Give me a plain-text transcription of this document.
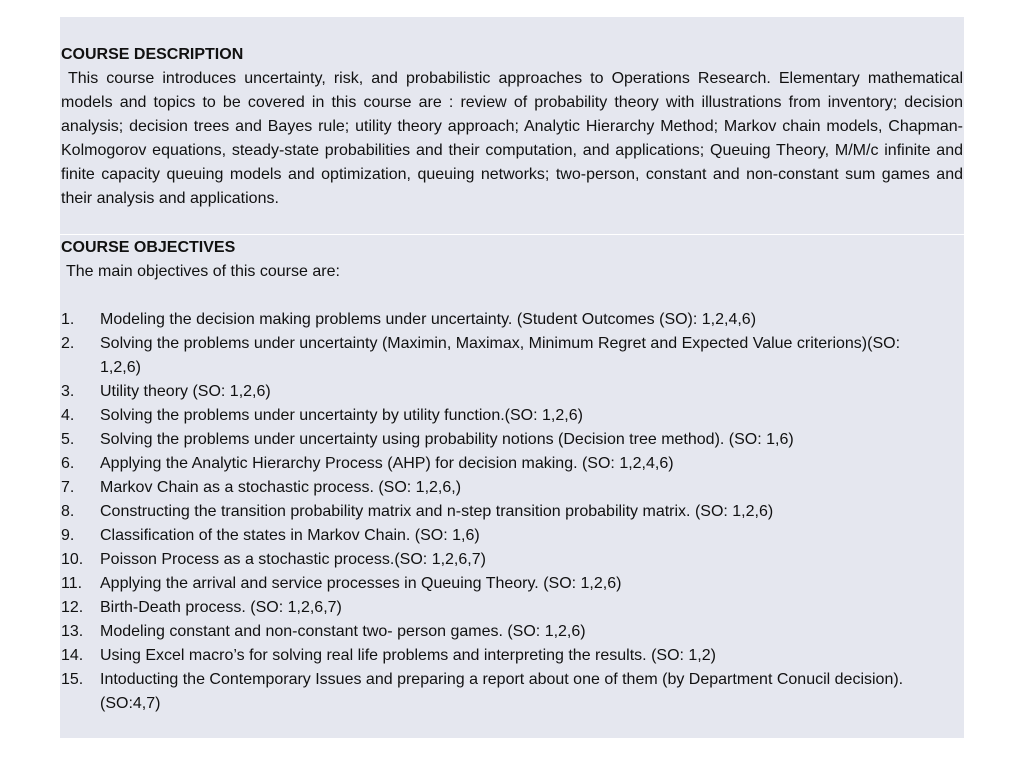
COURSE DESCRIPTION

This course introduces uncertainty, risk, and probabilistic approaches to Operations Research. Elementary mathematical models and topics to be covered in this course are : review of probability theory with illustrations from inventory; decision analysis; decision trees and Bayes rule; utility theory approach; Analytic Hierarchy Method; Markov chain models, Chapman-Kolmogorov equations, steady-state probabilities and their computation, and applications; Queuing Theory, M/M/c infinite and finite capacity queuing models and optimization, queuing networks; two-person, constant and non-constant sum games and their analysis and applications.

COURSE OBJECTIVES

The main objectives of this course are:

1.	Modeling the decision making problems under uncertainty. (Student Outcomes (SO): 1,2,4,6)
2.	Solving the problems under uncertainty (Maximin, Maximax, Minimum Regret and Expected Value criterions)(SO: 1,2,6)
3.	Utility theory (SO: 1,2,6)
4.	Solving the problems under uncertainty by utility function.(SO: 1,2,6)
5.	Solving the problems under uncertainty using probability notions (Decision tree method). (SO: 1,6)
6.	Applying the Analytic Hierarchy Process (AHP) for decision making. (SO: 1,2,4,6)
7.	Markov Chain as a stochastic process. (SO: 1,2,6,)
8.	Constructing the transition probability matrix and n-step transition probability matrix. (SO: 1,2,6)
9.	Classification of the states in Markov Chain. (SO: 1,6)
10.	Poisson Process as a stochastic process.(SO: 1,2,6,7)
11.	Applying the arrival and service processes in Queuing Theory. (SO: 1,2,6)
12.	Birth-Death process. (SO: 1,2,6,7)
13.	Modeling constant and non-constant two- person games. (SO: 1,2,6)
14.	Using Excel macro’s for solving real life problems and interpreting the results. (SO: 1,2)
15.	Intoducting the Contemporary Issues and preparing a report about one of them (by Department Conucil decision). (SO:4,7)
